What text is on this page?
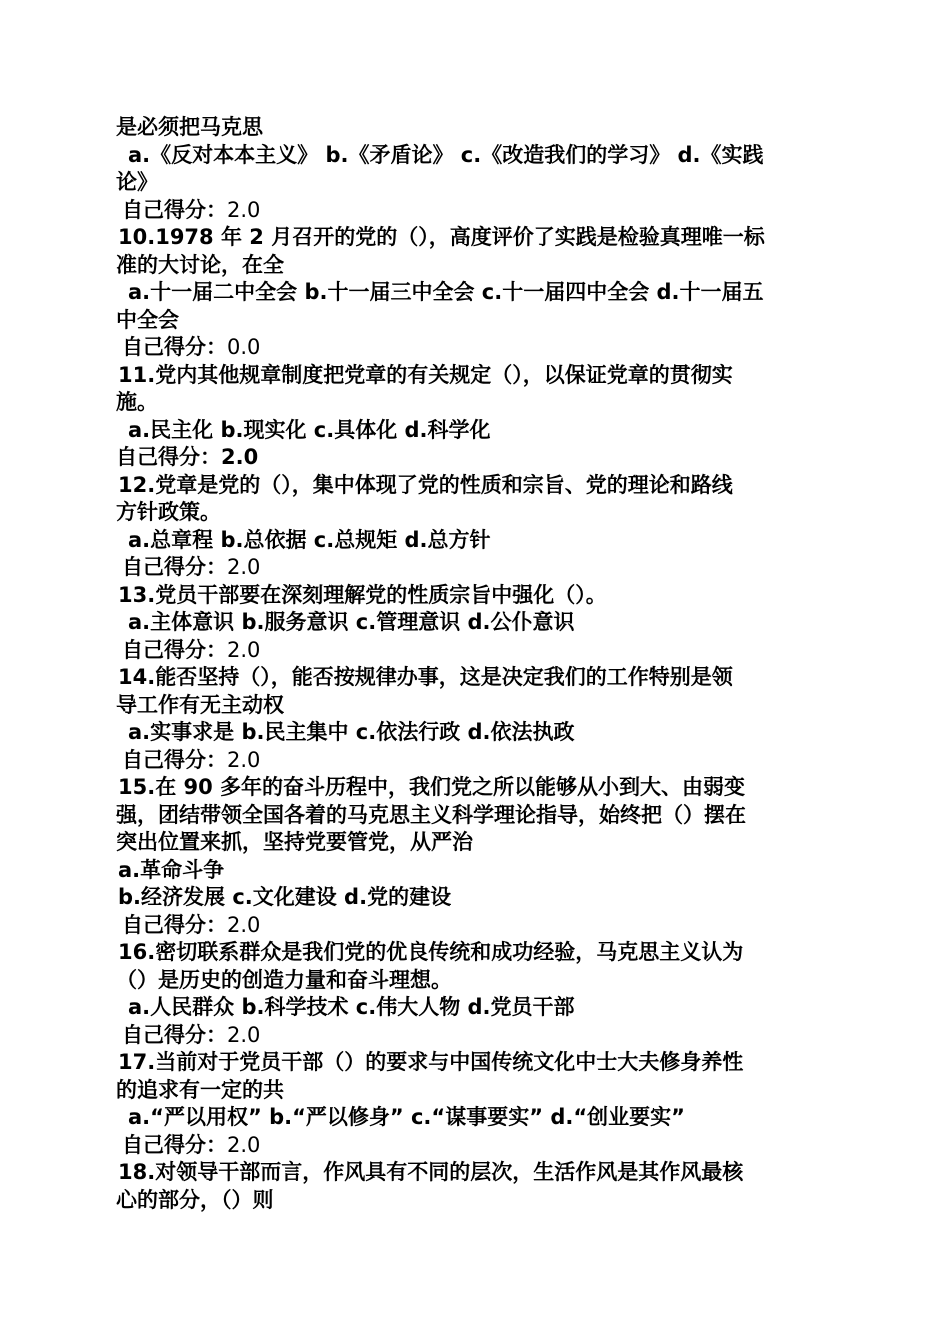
是必须把马克思
a.《反对本本主义》 b.《矛盾论》 c.《改造我们的学习》 d.《实践
论》
自己得分：2.0
10.1978 年 2 月召开的党的（），高度评价了实践是检验真理唯一标
准的大讨论，在全
a.十一届二中全会 b.十一届三中全会 c.十一届四中全会 d.十一届五
中全会
自己得分：0.0
11.党内其他规章制度把党章的有关规定（），以保证党章的贯彻实
施。
a.民主化 b.现实化 c.具体化 d.科学化
自己得分：2.0
12.党章是党的（），集中体现了党的性质和宗旨、党的理论和路线
方针政策。
a.总章程 b.总依据 c.总规矩 d.总方针
自己得分：2.0
13.党员干部要在深刻理解党的性质宗旨中强化（）。
a.主体意识 b.服务意识 c.管理意识 d.公仆意识
自己得分：2.0
14.能否坚持（），能否按规律办事，这是决定我们的工作特别是领
导工作有无主动权
a.实事求是 b.民主集中 c.依法行政 d.依法执政
自己得分：2.0
15.在 90 多年的奋斗历程中，我们党之所以能够从小到大、由弱变
强，团结带领全国各着的马克思主义科学理论指导，始终把（）摆在
突出位置来抓，坚持党要管党，从严治
a.革命斗争
b.经济发展 c.文化建设 d.党的建设
自己得分：2.0
16.密切联系群众是我们党的优良传统和成功经验，马克思主义认为
（）是历史的创造力量和奋斗理想。
a.人民群众 b.科学技术 c.伟大人物 d.党员干部
自己得分：2.0
17.当前对于党员干部（）的要求与中国传统文化中士大夫修身养性
的追求有一定的共
a.“严以用权” b.“严以修身” c.“谋事要实” d.“创业要实”
自己得分：2.0
18.对领导干部而言，作风具有不同的层次，生活作风是其作风最核
心的部分，（）则
